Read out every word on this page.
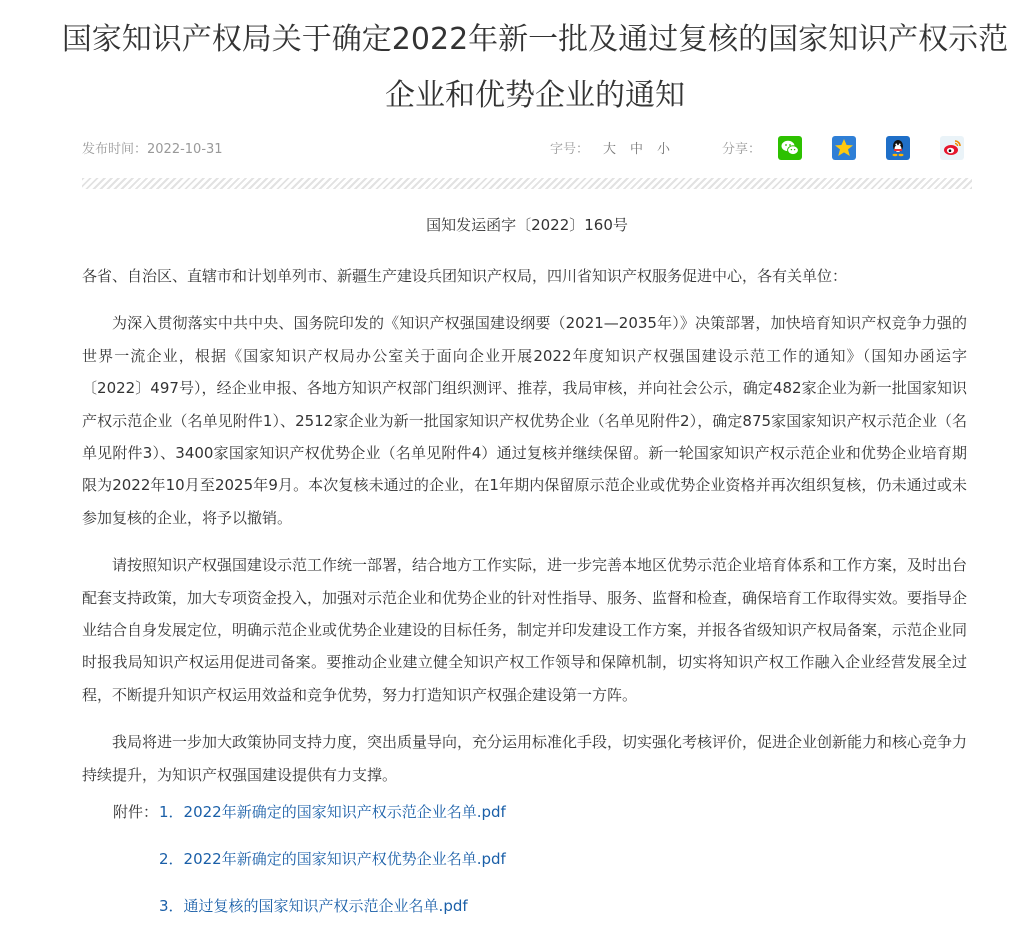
国家知识产权局关于确定2022年新一批及通过复核的国家知识产权示范
企业和优势企业的通知
发布时间：2022-10-31	字号： 大 中 小	分享：
国知发运函字〔2022〕160号

各省、自治区、直辖市和计划单列市、新疆生产建设兵团知识产权局，四川省知识产权服务促进中心，各有关单位：

为深入贯彻落实中共中央、国务院印发的《知识产权强国建设纲要（2021—2035年）》决策部署，加快培育知识产权竞争力强的世界一流企业，根据《国家知识产权局办公室关于面向企业开展2022年度知识产权强国建设示范工作的通知》（国知办函运字〔2022〕497号），经企业申报、各地方知识产权部门组织测评、推荐，我局审核，并向社会公示，确定482家企业为新一批国家知识产权示范企业（名单见附件1）、2512家企业为新一批国家知识产权优势企业（名单见附件2），确定875家国家知识产权示范企业（名单见附件3）、3400家国家知识产权优势企业（名单见附件4）通过复核并继续保留。新一轮国家知识产权示范企业和优势企业培育期限为2022年10月至2025年9月。本次复核未通过的企业，在1年期内保留原示范企业或优势企业资格并再次组织复核，仍未通过或未参加复核的企业，将予以撤销。

请按照知识产权强国建设示范工作统一部署，结合地方工作实际，进一步完善本地区优势示范企业培育体系和工作方案，及时出台配套支持政策，加大专项资金投入，加强对示范企业和优势企业的针对性指导、服务、监督和检查，确保培育工作取得实效。要指导企业结合自身发展定位，明确示范企业或优势企业建设的目标任务，制定并印发建设工作方案，并报各省级知识产权局备案，示范企业同时报我局知识产权运用促进司备案。要推动企业建立健全知识产权工作领导和保障机制，切实将知识产权工作融入企业经营发展全过程，不断提升知识产权运用效益和竞争优势，努力打造知识产权强企建设第一方阵。

我局将进一步加大政策协同支持力度，突出质量导向，充分运用标准化手段，切实强化考核评价，促进企业创新能力和核心竞争力持续提升，为知识产权强国建设提供有力支撑。

附件：1．2022年新确定的国家知识产权示范企业名单.pdf
2．2022年新确定的国家知识产权优势企业名单.pdf
3．通过复核的国家知识产权示范企业名单.pdf
